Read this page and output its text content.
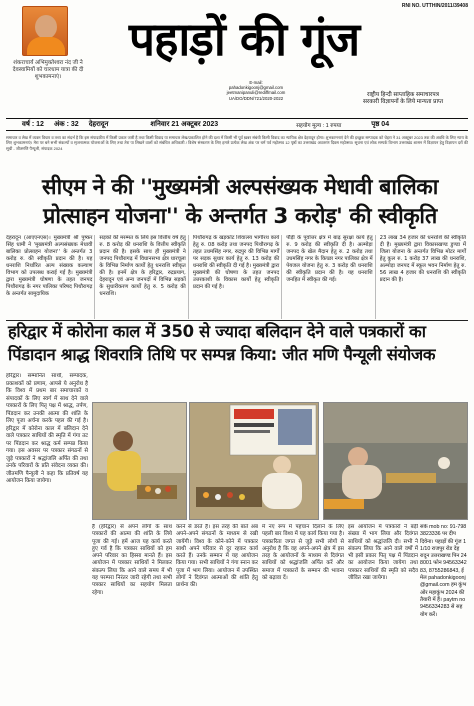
RNI NO. UTTHIN/2011/39408
शंकराचार्य अभिमुक्तेश्वरा नंद जी ने देवस्वामियों को चारधाम यात्रा की दी शुभकामनाएं।
पहाड़ों की गूंज
E-mail:
pahadonkigoonj@gmail.com
jeetmanipanuli@rediffmail.com
UA/DO/DDN/721/2020-2022
राष्ट्रीय हिन्दी साप्ताहिक समाचारपत्र
सरकारी विज्ञापनों के लिये मान्यता प्राप्त
वर्ष : 12 अंक : 32 देहरादून	शनिवार 21 अक्टूबर 2023	सहयोग मूल्य : 1 रुपया	पृष्ठ 04
समाचार व लेख में व्यक्त विचार व तथ्य का संदर्भ है कि इस संपादकीय में किसी प्रकार जारी है तथा किसी विवाद या समाचार लेख/प्रकाशित होने की दशा में किसी भी पूर्व ख़बर संबंधी किसी विवाद का न्यायिक क्षेत्र देहरादून होगा। शुभकामनाएं देने की इच्छुक सम्पादक को चेहरा ने 31 अक्टूबर 2023 तक की अवधि के लिए न्याय के लिए शुभकामनाएं। मेरा पर बने सभी संकल्पों व सृजनात्मक योजनाओं के लिए तथा तेरा पा लिखने वालों को संबंधित अधिकारी / विशेष संस्करण के लिए हमारे प्रत्येक लेख अंक पर धर्म पर्व महोत्सव 12 पृष्ठों का उत्तराखंड अवतरण दिवस महोत्सव। सूचना एवं लोक सम्पर्क विभाग उत्तराखंड शासन में विज्ञापन हेतु विज्ञापन दरों की सूची - जीतमणि पैन्यूली, संपादक 2024
सीएम ने की ''मुख्यमंत्री अल्पसंख्यक मेधावी बालिका
प्रोत्साहन योजना'' के अन्तर्गत 3 करोड़' की स्वीकृति
देहरादून (आएएनएस)। मुख्यमंत्री श्री पुष्कर सिंह धामी ने 'मुख्यमंत्री अल्पसंख्यक मेधावी बालिका प्रोत्साहन योजना'' के अन्तर्गत 3 करोड़ रु. की स्वीकृति प्रदान की है। यह धनराशि निर्धारित अल्प संख्यक कल्याण विभाग को उपलब्ध कराई गई है। मुख्यमंत्री द्वारा मुख्यमंत्री घोषणा के तहत जनपद पिथौरागढ़ के नगर पालिका परिषद पिथौरागढ़ के अन्तर्गत सामुदायिक
सड़कों की मरम्मत के लिये इस वित्तीय वर्ष हेतु रु. 8 करोड़ की धनराशि के वित्तीय स्वीकृति प्रदान की है। इसके साथ ही मुख्यमंत्री ने जनपद पिथौरागढ़ में विधानसभा क्षेत्र धारचूला के विभिन्न निर्माण कार्यों हेतु धनराशि स्वीकृत की है। इनमें क्षेत्र के हरिद्वार, रुद्रप्रयाग, देहरादून एवं अन्य जनपदों में विभिन्न सड़कों के सुधारीकरण कार्यों हेतु रु. 5 करोड़ की धनराशि।
पिथौरागढ़ के खड़कोट शिवालय भागीरथ कार्य हेतु रु. 08 करोड़ तथा जनपद पिथौरागढ़ के तहत उधमसिंह नगर, रुद्रपुर की विभिन्न मार्गों पर सड़क सुधार कार्य हेतु रु. 13 करोड़ की धनराशि की स्वीकृति दी गई है। मुख्यमंत्री द्वारा मुख्यमंत्री की घोषणा के तहत जनपद उत्तरकाशी के विकास कार्यों हेतु स्वीकृति प्रदान की गई है।
पौड़ी के पूर्वोत्तर क्षेत्र में बाढ़ सुरक्षा कार्य हेतु रु. 9 करोड़ की स्वीकृति दी है। अल्मोड़ा जनपद के खेल मैदान हेतु रु. 2 करोड़ तथा उधमसिंह नगर के किच्छा नगर पालिका क्षेत्र में पेयजल योजना हेतु रु. 3 करोड़ की धनराशि की स्वीकृति प्रदान की है। यह धनराशि जनहित में स्वीकृत की गई।
23 लाख 34 हजार की धनराशि की स्वीकृति दी है। मुख्यमंत्री द्वारा विकासखण्ड डुण्डा में जिला योजना के अन्तर्गत विभिन्न मोटर मार्गों हेतु कुल रु. 1 करोड़ 37 लाख की धनराशि, अल्मोड़ा जनपद में स्कूल भवन निर्माण हेतु रु. 56 लाख 4 हजार की धनराशि की स्वीकृति प्रदान की है।
हरिद्वार में कोरोना काल में 350 से ज्यादा बलिदान देने वाले पत्रकारों का
पिंडादान श्राद्ध शिवरात्रि तिथि पर सम्पन्न किया: जीत मणि पैन्यूली संयोजक
हरिद्वार। सम्मानित साथी, सम्पादक, प्रकाशकों को प्रणाम, आपसे ये अनुरोध है कि विश्व में प्रथम बार समाचारकों व संपादकों के लिए स्वर्ग में साथ देने वाले पत्रकारों के लिए पितृ पक्ष में श्राद्ध, तर्पण, पिंडदान कर उनकी आत्मा की शांति के लिए पूजा अर्चना करके पहल की गई है। हरिद्वार में कोरोना काल में बलिदान देने वाले पत्रकार साथियों की स्मृति में गंगा तट पर पिंडदान कर श्राद्ध कर्म सम्पन्न किया गया। इस अवसर पर पत्रकार संगठनों से जुड़े पत्रकारों ने श्रद्धांजलि अर्पित की तथा उनके परिवारों के प्रति संवेदना व्यक्त की। जीतमणि पैन्यूली ने कहा कि प्रतिवर्ष यह आयोजन किया जायेगा।
है (हरिद्वार) से अपने लोगों के साथ पत्रकारों की आत्मा की शांति के लिये पूजा की गई। हमें आज यह कार्य करते हुए गर्व है कि पत्रकार साथियों को हम अपने परिवार का हिस्सा मानते हैं। इस आयोजन में पत्रकार साथियों ने मिलकर संकल्प लिया कि आने वाले समय में भी यह परम्परा निरंतर जारी रहेगी तथा सभी पत्रकार साथियों का सहयोग मिलता रहेगा।
करने से डरते हैं। इस तरह की बातें अब अपने-अपने संगठनों के माध्यम से रखी जायेंगी। विश्व के कोने-कोने में पत्रकार साथी अपने परिवार से दूर रहकर कार्य करते हैं। उनके सम्मान में यह आयोजन किया गया। सभी साथियों ने गंगा स्नान कर पूजा में भाग लिया। आयोजन में उपस्थित लोगों ने दिवंगत आत्माओं की शांति हेतु प्रार्थना की।
में नए रूप में पहचान दिलाने के लिए पहली बार विश्व में यह कार्य किया गया है। पत्रकारिता जगत से जुड़े सभी लोगों से अनुरोध है कि वह अपने-अपने क्षेत्र में इस तरह के आयोजनों के माध्यम से दिवंगत साथियों को श्रद्धांजलि अर्पित करें और समाज में पत्रकारों के सम्मान की भावना को बढ़ावा दें।
इस आयोजन में पत्रकारों ने बड़ी संख्या में भाग लिया और दिवंगत साथियों को श्रद्धांजलि दी। सभी ने संकल्प लिया कि आने वाले वर्षों में भी इसी प्रकार पितृ पक्ष में पिंडदान का आयोजन किया जायेगा तथा पत्रकार साथियों की स्मृति को सदैव जीवित रखा जायेगा।
संर्क mob no: 91-7983823336 पर दीपदिवेना। पहाड़ों की गूंज 11/10 राजपुर रोड देहरादून उत्तराखण्ड पिन 248001 फोन 9456334283, 8755286843, ईमेल pahadonkigoonj@gmail.com हम कुंभ ओर महाकुंभ 2024 की तैयारी में हैं। paytm no 9456334283 से सहयोग करें।
